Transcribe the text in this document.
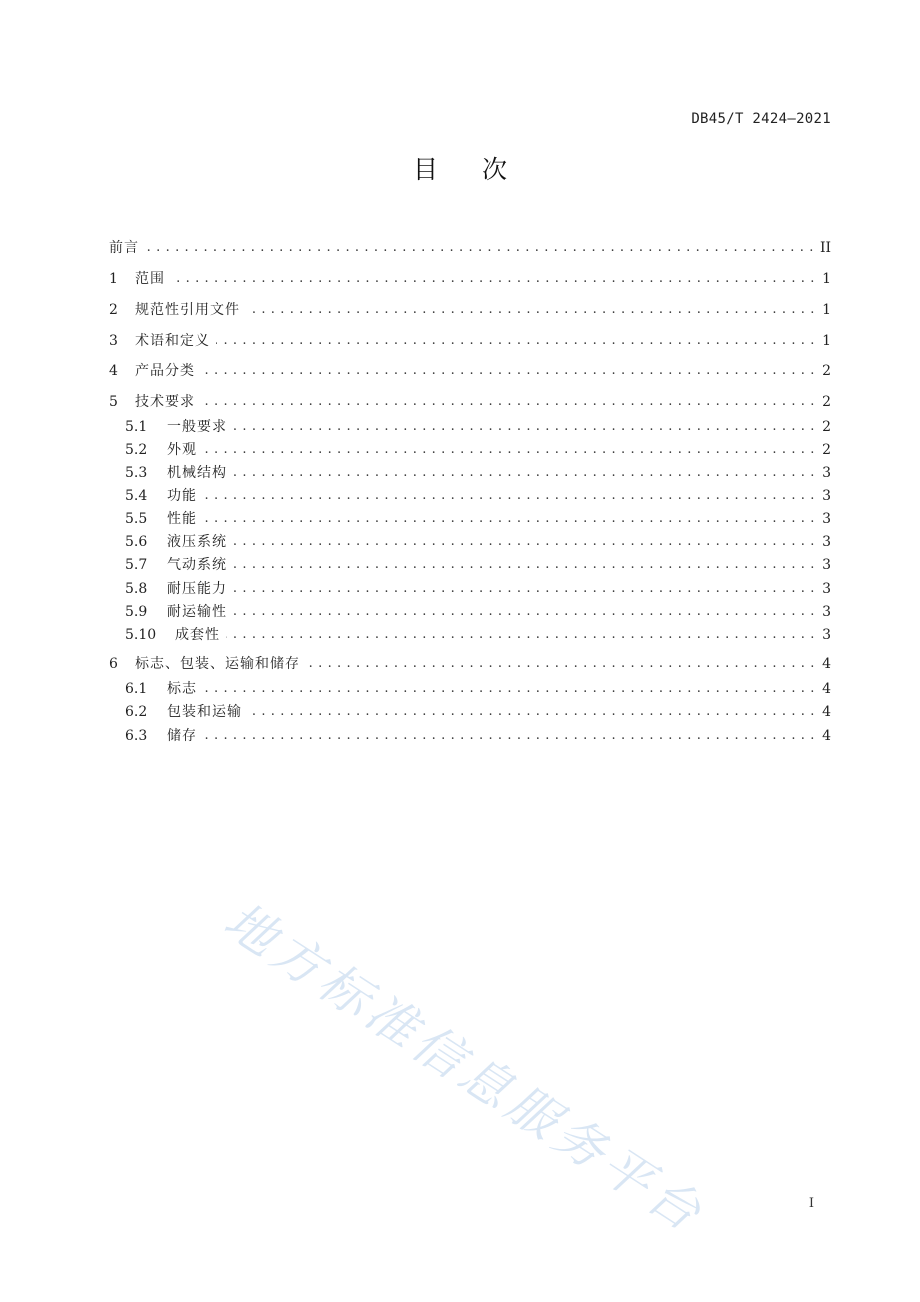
DB45/T 2424—2021
目次
前言 . . .	II
1	范围 . . .	1
2	规范性引用文件 . . .	1
3	术语和定义 . . .	1
4	产品分类 . . .	2
5	技术要求 . . .	2
5.1	一般要求 . . .	2
5.2	外观 . . .	2
5.3	机械结构 . . .	3
5.4	功能 . . .	3
5.5	性能 . . .	3
5.6	液压系统 . . .	3
5.7	气动系统 . . .	3
5.8	耐压能力 . . .	3
5.9	耐运输性 . . .	3
5.10	成套性 . . .	3
6	标志、包装、运输和储存 . . .	4
6.1	标志 . . .	4
6.2	包装和运输 . . .	4
6.3	储存 . . .	4
地方标准信息服务平台	I
